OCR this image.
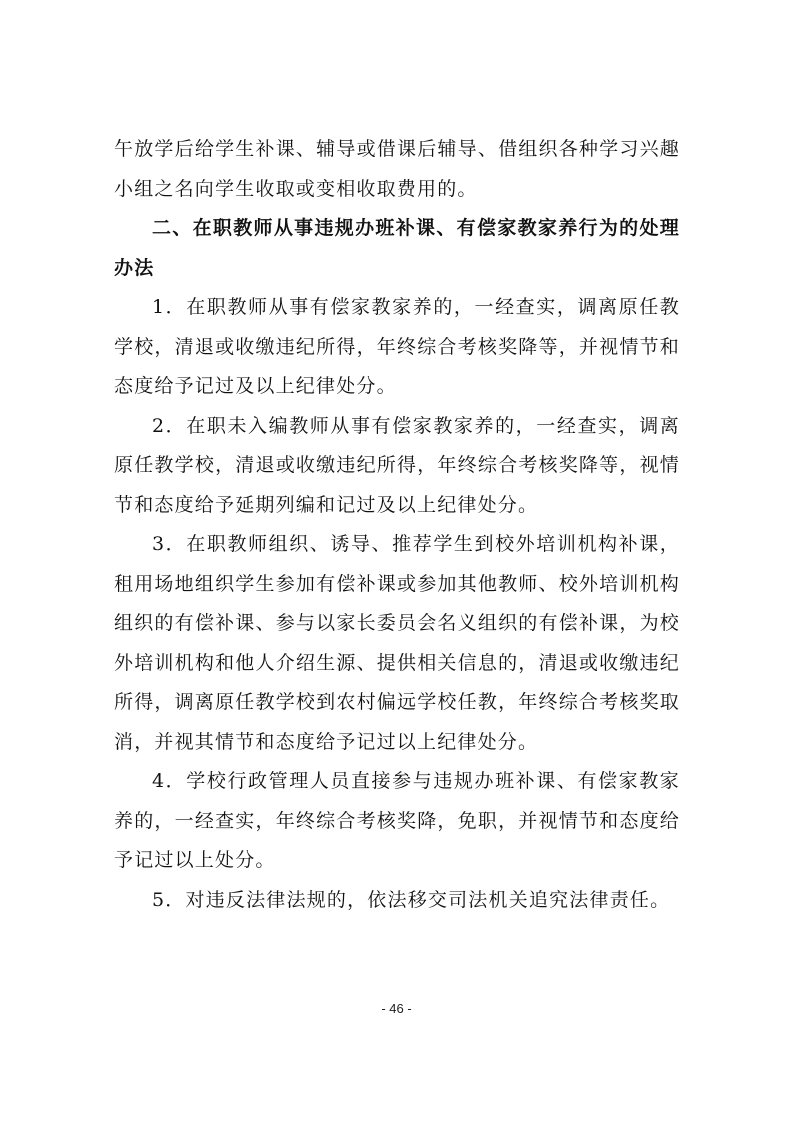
午放学后给学生补课、辅导或借课后辅导、借组织各种学习兴趣小组之名向学生收取或变相收取费用的。

二、在职教师从事违规办班补课、有偿家教家养行为的处理办法

1．在职教师从事有偿家教家养的，一经查实，调离原任教学校，清退或收缴违纪所得，年终综合考核奖降等，并视情节和态度给予记过及以上纪律处分。

2．在职未入编教师从事有偿家教家养的，一经查实，调离原任教学校，清退或收缴违纪所得，年终综合考核奖降等，视情节和态度给予延期列编和记过及以上纪律处分。

3．在职教师组织、诱导、推荐学生到校外培训机构补课，租用场地组织学生参加有偿补课或参加其他教师、校外培训机构组织的有偿补课、参与以家长委员会名义组织的有偿补课，为校外培训机构和他人介绍生源、提供相关信息的，清退或收缴违纪所得，调离原任教学校到农村偏远学校任教，年终综合考核奖取消，并视其情节和态度给予记过以上纪律处分。

4．学校行政管理人员直接参与违规办班补课、有偿家教家养的，一经查实，年终综合考核奖降，免职，并视情节和态度给予记过以上处分。

5．对违反法律法规的，依法移交司法机关追究法律责任。

- 46 -
